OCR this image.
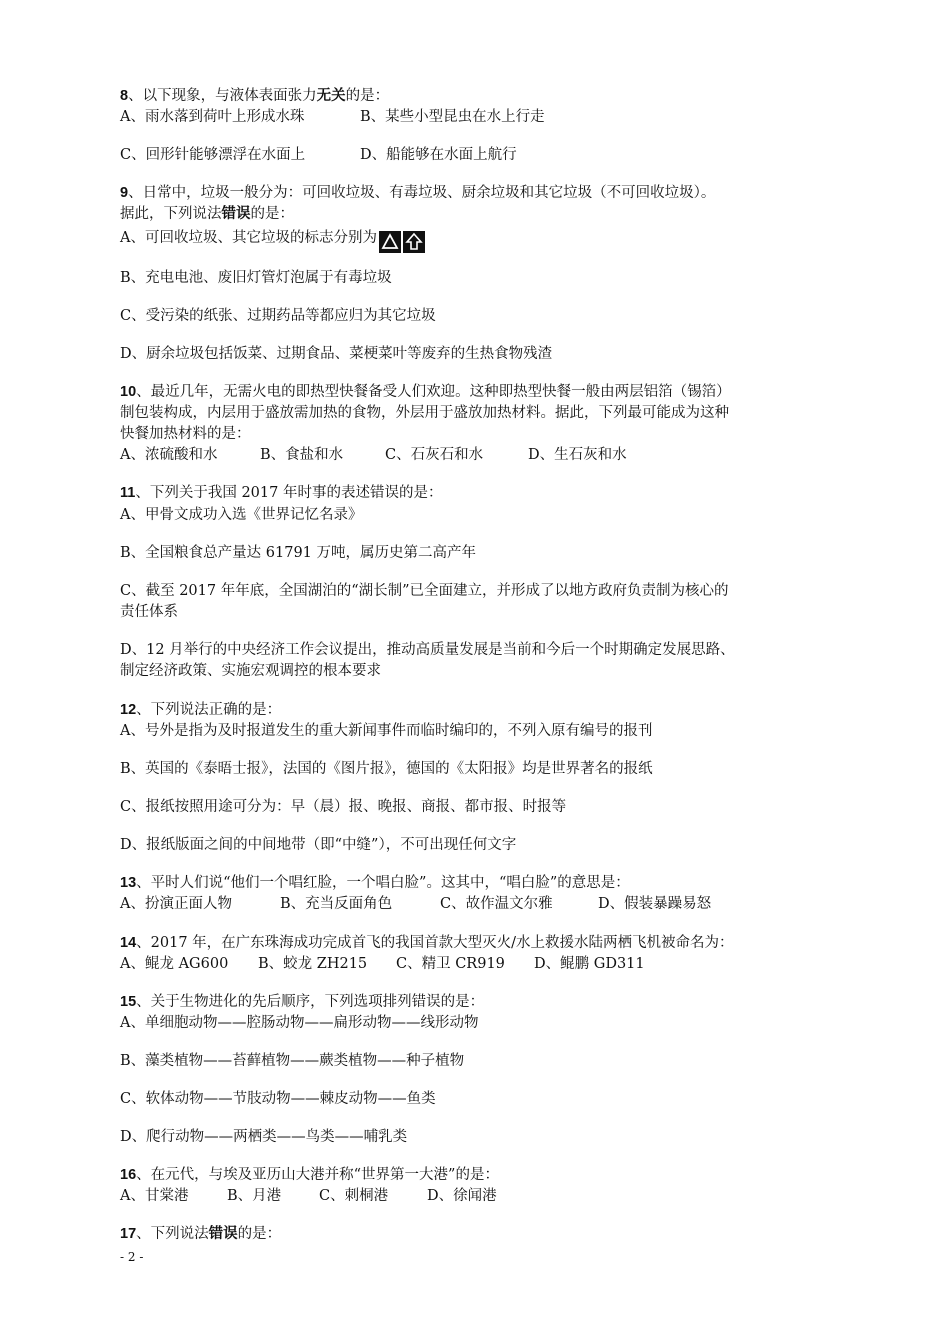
8、以下现象，与液体表面张力无关的是：
A、雨水落到荷叶上形成水珠	B、某些小型昆虫在水上行走
C、回形针能够漂浮在水面上	D、船能够在水面上航行
9、日常中，垃圾一般分为：可回收垃圾、有毒垃圾、厨余垃圾和其它垃圾（不可回收垃圾）。
据此，下列说法错误的是：
A、可回收垃圾、其它垃圾的标志分别为
B、充电电池、废旧灯管灯泡属于有毒垃圾
C、受污染的纸张、过期药品等都应归为其它垃圾
D、厨余垃圾包括饭菜、过期食品、菜梗菜叶等废弃的生热食物残渣
10、最近几年，无需火电的即热型快餐备受人们欢迎。这种即热型快餐一般由两层铝箔（锡箔）
制包装构成，内层用于盛放需加热的食物，外层用于盛放加热材料。据此，下列最可能成为这种
快餐加热材料的是：
A、浓硫酸和水	B、食盐和水	C、石灰石和水	D、生石灰和水
11、下列关于我国 2017 年时事的表述错误的是：
A、甲骨文成功入选《世界记忆名录》
B、全国粮食总产量达 61791 万吨，属历史第二高产年
C、截至 2017 年年底，全国湖泊的“湖长制”已全面建立，并形成了以地方政府负责制为核心的
责任体系
D、12 月举行的中央经济工作会议提出，推动高质量发展是当前和今后一个时期确定发展思路、
制定经济政策、实施宏观调控的根本要求
12、下列说法正确的是：
A、号外是指为及时报道发生的重大新闻事件而临时编印的，不列入原有编号的报刊
B、英国的《泰晤士报》，法国的《图片报》，德国的《太阳报》均是世界著名的报纸
C、报纸按照用途可分为：早（晨）报、晚报、商报、都市报、时报等
D、报纸版面之间的中间地带（即“中缝”），不可出现任何文字
13、平时人们说“他们一个唱红脸，一个唱白脸”。这其中，“唱白脸”的意思是：
A、扮演正面人物	B、充当反面角色	C、故作温文尔雅	D、假装暴躁易怒
14、2017 年，在广东珠海成功完成首飞的我国首款大型灭火/水上救援水陆两栖飞机被命名为：
A、鲲龙 AG600 B、蛟龙 ZH215 C、精卫 CR919 D、鲲鹏 GD311
15、关于生物进化的先后顺序，下列选项排列错误的是：
A、单细胞动物——腔肠动物——扁形动物——线形动物
B、藻类植物——苔藓植物——蕨类植物——种子植物
C、软体动物——节肢动物——棘皮动物——鱼类
D、爬行动物——两栖类——鸟类——哺乳类
16、在元代，与埃及亚历山大港并称“世界第一大港”的是：
A、甘棠港	B、月港	C、刺桐港	D、徐闻港
17、下列说法错误的是：
- 2 -
